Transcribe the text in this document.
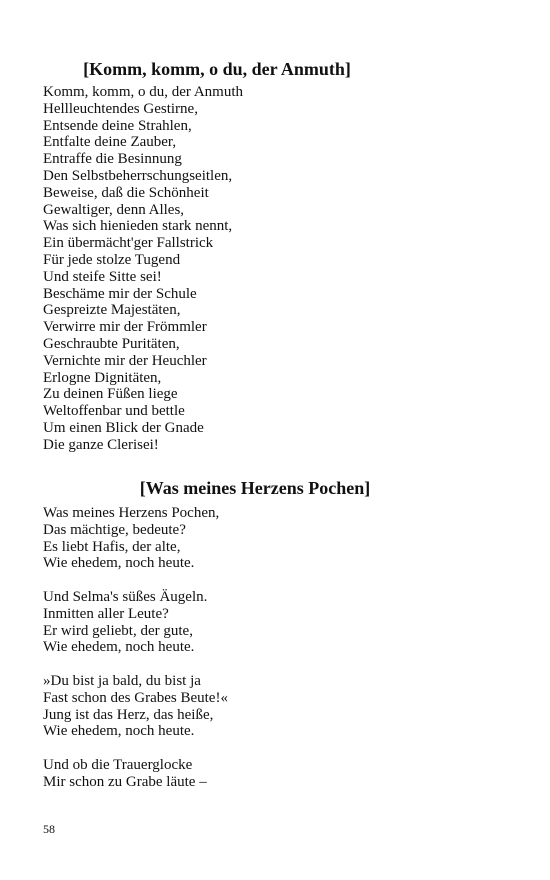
[Komm, komm, o du, der Anmuth]
Komm, komm, o du, der Anmuth
Hellleuchtendes Gestirne,
Entsende deine Strahlen,
Entfalte deine Zauber,
Entraffe die Besinnung
Den Selbstbeherrschungseitlen,
Beweise, daß die Schönheit
Gewaltiger, denn Alles,
Was sich hienieden stark nennt,
Ein übermächt'ger Fallstrick
Für jede stolze Tugend
Und steife Sitte sei!
Beschäme mir der Schule
Gespreizte Majestäten,
Verwirre mir der Frömmler
Geschraubte Puritäten,
Vernichte mir der Heuchler
Erlogne Dignitäten,
Zu deinen Füßen liege
Weltoffenbar und bettle
Um einen Blick der Gnade
Die ganze Clerisei!
[Was meines Herzens Pochen]
Was meines Herzens Pochen,
Das mächtige, bedeute?
Es liebt Hafis, der alte,
Wie ehedem, noch heute.
Und Selma's süßes Äugeln.
Inmitten aller Leute?
Er wird geliebt, der gute,
Wie ehedem, noch heute.
»Du bist ja bald, du bist ja
Fast schon des Grabes Beute!«
Jung ist das Herz, das heiße,
Wie ehedem, noch heute.
Und ob die Trauerglocke
Mir schon zu Grabe läute –
58
